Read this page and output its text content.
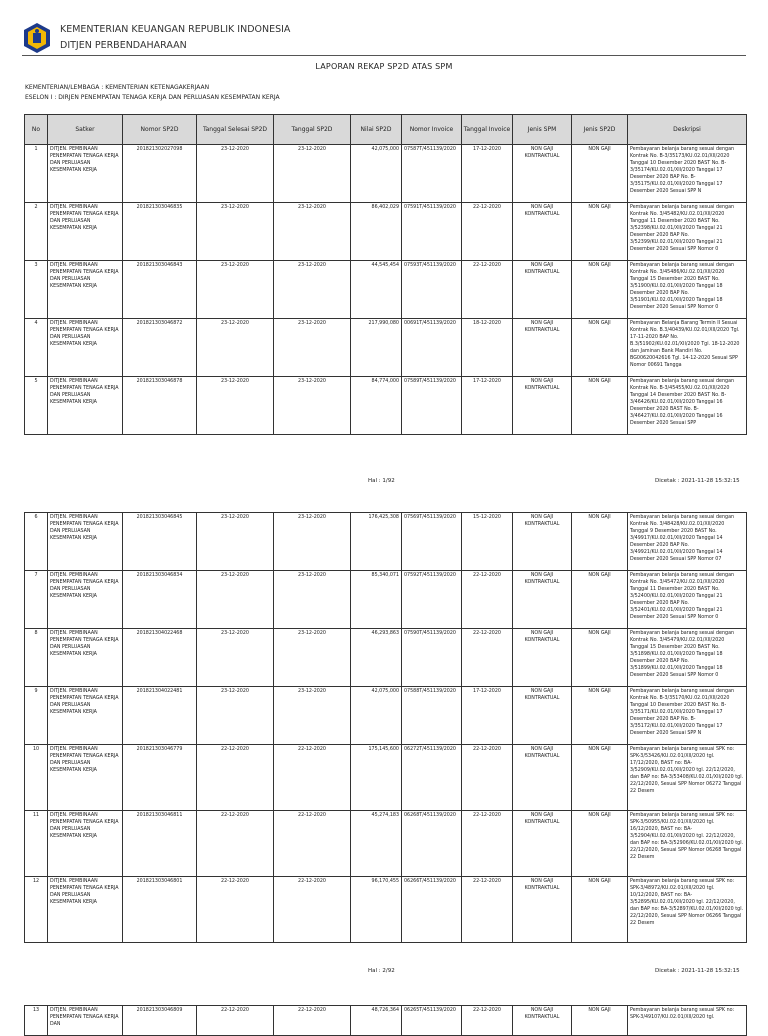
KEMENTERIAN KEUANGAN REPUBLIK INDONESIA
DITJEN PERBENDAHARAAN
LAPORAN REKAP SP2D ATAS SPM
KEMENTERIAN/LEMBAGA : KEMENTERIAN KETENAGAKERJAAN
ESELON I : DIRJEN PENEMPATAN TENAGA KERJA DAN PERLUASAN KESEMPATAN KERJA
No	Satker	Nomor SP2D	Tanggal Selesai SP2D	Tanggal SP2D	Nilai SP2D	Nomor Invoice	Tanggal Invoice	Jenis SPM	Jenis SP2D	Deskripsi
1	DITJEN. PEMBINAAN PENEMPATAN TENAGA KERJA DAN PERLUASAN KESEMPATAN KERJA	201821302027098	23-12-2020	23-12-2020	42,075,000	07587T/451139/2020	17-12-2020	NON GAJI KONTRAKTUAL	NON GAJI	Pembayaran belanja barang sesuai dengan Kontrak No. B-3/35173/KU.02.01/XII/2020 Tanggal 10 Desember 2020 BAST No. B-3/35174/KU.02.01/XII/2020 Tanggal 17 Desember 2020 BAP No. B-3/35175/KU.02.01/XII/2020 Tanggal 17 Desember 2020 Sesuai SPP N
2	DITJEN. PEMBINAAN PENEMPATAN TENAGA KERJA DAN PERLUASAN KESEMPATAN KERJA	201821303046835	23-12-2020	23-12-2020	86,402,029	07591T/451139/2020	22-12-2020	NON GAJI KONTRAKTUAL	NON GAJI	Pembayaran belanja barang sesuai dengan Kontrak No. 3/45482/KU.02.01/XII/2020 Tanggal 11 Desember 2020 BAST No. 3/52398/KU.02.01/XII/2020 Tanggal 21 Desember 2020 BAP No. 3/52399/KU.02.01/XII/2020 Tanggal 21 Desember 2020 Sesuai SPP Nomor 0
3	DITJEN. PEMBINAAN PENEMPATAN TENAGA KERJA DAN PERLUASAN KESEMPATAN KERJA	201821303046843	23-12-2020	23-12-2020	44,545,454	07593T/451139/2020	22-12-2020	NON GAJI KONTRAKTUAL	NON GAJI	Pembayaran belanja barang sesuai dengan Kontrak No. 3/45486/KU.02.01/XII/2020 Tanggal 15 Desember 2020 BAST No. 3/51900/KU.02.01/XII/2020 Tanggal 18 Desember 2020 BAP No. 3/51901/KU.02.01/XII/2020 Tanggal 18 Desember 2020 Sesuai SPP Nomor 0
4	DITJEN. PEMBINAAN PENEMPATAN TENAGA KERJA DAN PERLUASAN KESEMPATAN KERJA	201821303046872	23-12-2020	23-12-2020	217,990,080	00691T/451139/2020	18-12-2020	NON GAJI KONTRAKTUAL	NON GAJI	Pembayaran Belanja Barang Termin II Sesuai Kontrak No. B.3/40439/KU.02.01/XII/2020 Tgl. 17-11-2020 BAP No. B.3/51902/KU.02.01/XII/2020 Tgl. 18-12-2020 dan Jaminan Bank Mandiri No. BG00620042616 Tgl. 14-12-2020 Sesuai SPP Nomor 00691 Tangga
5	DITJEN. PEMBINAAN PENEMPATAN TENAGA KERJA DAN PERLUASAN KESEMPATAN KERJA	201821303046878	23-12-2020	23-12-2020	84,774,000	07589T/451139/2020	17-12-2020	NON GAJI KONTRAKTUAL	NON GAJI	Pembayaran belanja barang sesuai dengan Kontrak No. B-3/45455/KU.02.01/XII/2020 Tanggal 14 Desember 2020 BAST No. B-3/46426/KU.02.01/XII/2020 Tanggal 16 Desember 2020 BAST No. B-3/46427/KU.02.01/XII/2020 Tanggal 16 Desember 2020 Sesuai SPP
Hal : 1/92	Dicetak : 2021-11-28 15:32:15
6	DITJEN. PEMBINAAN PENEMPATAN TENAGA KERJA DAN PERLUASAN KESEMPATAN KERJA	201821303046845	23-12-2020	23-12-2020	176,425,308	07569T/451139/2020	15-12-2020	NON GAJI KONTRAKTUAL	NON GAJI	Pembayaran belanja barang sesuai dengan Kontrak No. 3/48428/KU.02.01/XII/2020 Tanggal 9 Desember 2020 BAST No. 3/49917/KU.02.01/XII/2020 Tanggal 14 Desember 2020 BAP No. 3/49921/KU.02.01/XII/2020 Tanggal 14 Desember 2020 Sesuai SPP Nomor 07
7	DITJEN. PEMBINAAN PENEMPATAN TENAGA KERJA DAN PERLUASAN KESEMPATAN KERJA	201821303046834	23-12-2020	23-12-2020	85,340,071	07592T/451139/2020	22-12-2020	NON GAJI KONTRAKTUAL	NON GAJI	Pembayaran belanja barang sesuai dengan Kontrak No. 3/45472/KU.02.01/XII/2020 Tanggal 11 Desember 2020 BAST No. 3/52400/KU.02.01/XII/2020 Tanggal 21 Desember 2020 BAP No. 3/52401/KU.02.01/XII/2020 Tanggal 21 Desember 2020 Sesuai SPP Nomor 0
8	DITJEN. PEMBINAAN PENEMPATAN TENAGA KERJA DAN PERLUASAN KESEMPATAN KERJA	201821304022468	23-12-2020	23-12-2020	46,293,863	07590T/451139/2020	22-12-2020	NON GAJI KONTRAKTUAL	NON GAJI	Pembayaran belanja barang sesuai dengan Kontrak No. 3/45479/KU.02.01/XII/2020 Tanggal 15 Desember 2020 BAST No. 3/51898/KU.02.01/XII/2020 Tanggal 18 Desember 2020 BAP No. 3/51899/KU.02.01/XII/2020 Tanggal 18 Desember 2020 Sesuai SPP Nomor 0
9	DITJEN. PEMBINAAN PENEMPATAN TENAGA KERJA DAN PERLUASAN KESEMPATAN KERJA	201821304022481	23-12-2020	23-12-2020	42,075,000	07588T/451139/2020	17-12-2020	NON GAJI KONTRAKTUAL	NON GAJI	Pembayaran belanja barang sesuai dengan Kontrak No. B-3/35170/KU.02.01/XII/2020 Tanggal 10 Desember 2020 BAST No. B-3/35171/KU.02.01/XII/2020 Tanggal 17 Desember 2020 BAP No. B-3/35172/KU.02.01/XII/2020 Tanggal 17 Desember 2020 Sesuai SPP N
10	DITJEN. PEMBINAAN PENEMPATAN TENAGA KERJA DAN PERLUASAN KESEMPATAN KERJA	201821303046779	22-12-2020	22-12-2020	175,145,600	06272T/451139/2020	22-12-2020	NON GAJI KONTRAKTUAL	NON GAJI	Pembayaran belanja barang sesuai SPK no: SPK-3/53426/KU.02.01/XII/2020 tgl. 17/12/2020, BAST no: BA-3/52909/KU.02.01/XII/2020 tgl. 22/12/2020, dan BAP no: BA-3/53408/KU.02.01/XII/2020 tgl. 22/12/2020, Sesuai SPP Nomor 06272 Tanggal 22 Desem
11	DITJEN. PEMBINAAN PENEMPATAN TENAGA KERJA DAN PERLUASAN KESEMPATAN KERJA	201821303046811	22-12-2020	22-12-2020	45,274,183	06268T/451139/2020	22-12-2020	NON GAJI KONTRAKTUAL	NON GAJI	Pembayaran belanja barang sesuai SPK no: SPK-3/50955/KU.02.01/XII/2020 tgl. 16/12/2020, BAST no: BA-3/52904/KU.02.01/XII/2020 tgl. 22/12/2020, dan BAP no: BA-3/52906/KU.02.01/XII/2020 tgl. 22/12/2020, Sesuai SPP Nomor 06268 Tanggal 22 Desem
12	DITJEN. PEMBINAAN PENEMPATAN TENAGA KERJA DAN PERLUASAN KESEMPATAN KERJA	201821303046801	22-12-2020	22-12-2020	96,170,455	06266T/451139/2020	22-12-2020	NON GAJI KONTRAKTUAL	NON GAJI	Pembayaran belanja barang sesuai SPK no: SPK-3/48972/KU.02.01/XII/2020 tgl. 10/12/2020, BAST no: BA-3/52895/KU.02.01/XII/2020 tgl. 22/12/2020, dan BAP no: BA-3/52897/KU.02.01/XII/2020 tgl. 22/12/2020, Sesuai SPP Nomor 06266 Tanggal 22 Desem
Hal : 2/92	Dicetak : 2021-11-28 15:32:15
13	DITJEN. PEMBINAAN PENEMPATAN TENAGA KERJA DAN	201821303046809	22-12-2020	22-12-2020	48,726,364	06265T/451139/2020	22-12-2020	NON GAJI KONTRAKTUAL	NON GAJI	Pembayaran belanja barang sesuai SPK no: SPK-3/49107/KU.02.01/XII/2020 tgl.
